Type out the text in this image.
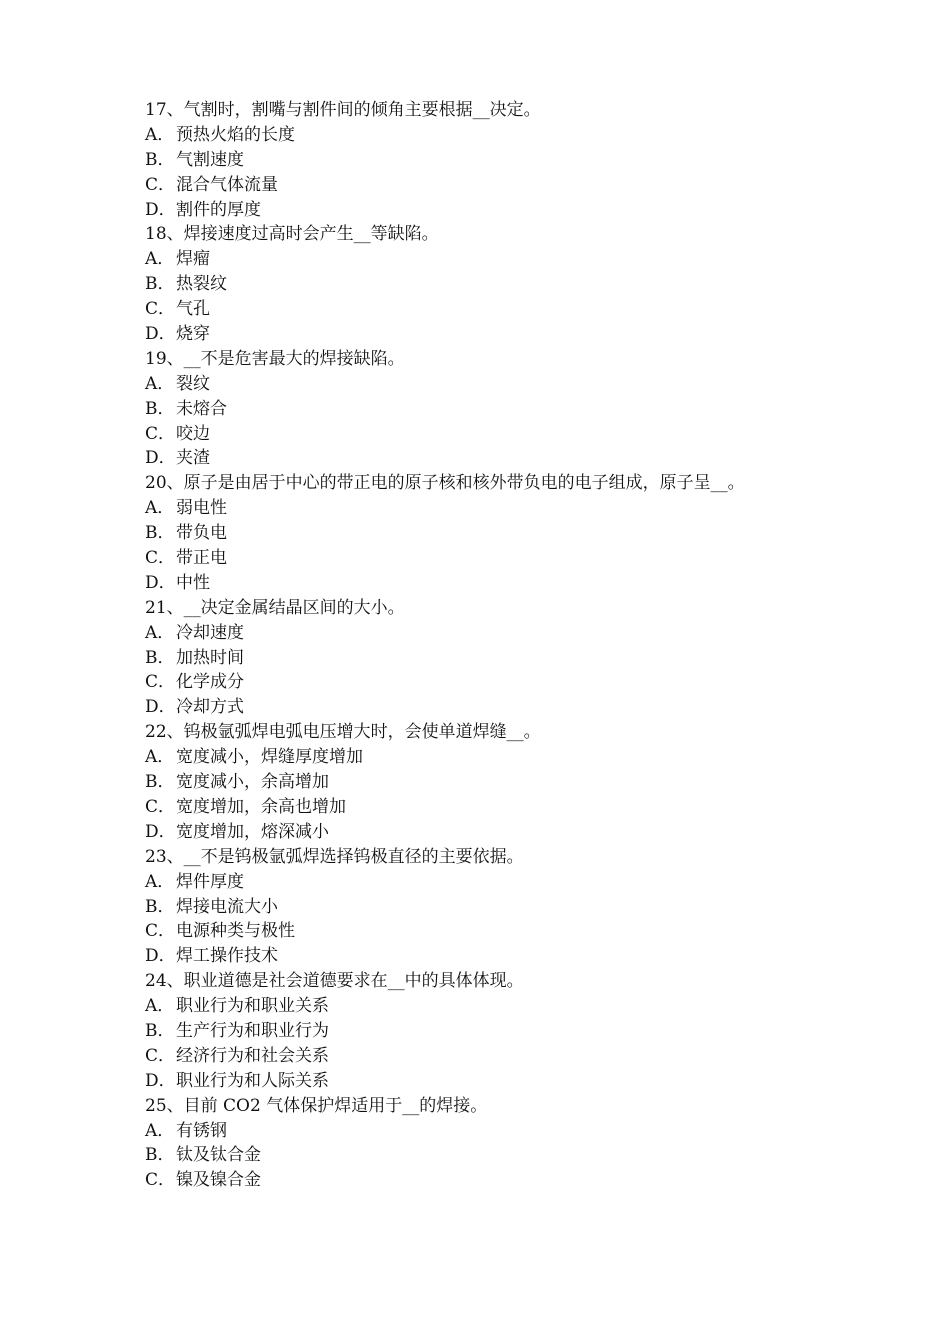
17、气割时，割嘴与割件间的倾角主要根据__决定。
A． 预热火焰的长度
B．气割速度
C．混合气体流量
D．割件的厚度
18、焊接速度过高时会产生__等缺陷。
A． 焊瘤
B．热裂纹
C．气孔
D．烧穿
19、__不是危害最大的焊接缺陷。
A． 裂纹
B．未熔合
C．咬边
D．夹渣
20、原子是由居于中心的带正电的原子核和核外带负电的电子组成，原子呈__。
A． 弱电性
B．带负电
C．带正电
D．中性
21、__决定金属结晶区间的大小。
A． 冷却速度
B．加热时间
C．化学成分
D．冷却方式
22、钨极氩弧焊电弧电压增大时，会使单道焊缝__。
A． 宽度减小，焊缝厚度增加
B．宽度减小，余高增加
C．宽度增加，余高也增加
D．宽度增加，熔深减小
23、__不是钨极氩弧焊选择钨极直径的主要依据。
A． 焊件厚度
B．焊接电流大小
C．电源种类与极性
D．焊工操作技术
24、职业道德是社会道德要求在__中的具体体现。
A． 职业行为和职业关系
B．生产行为和职业行为
C．经济行为和社会关系
D．职业行为和人际关系
25、目前 CO2 气体保护焊适用于__的焊接。
A． 有锈钢
B．钛及钛合金
C．镍及镍合金
